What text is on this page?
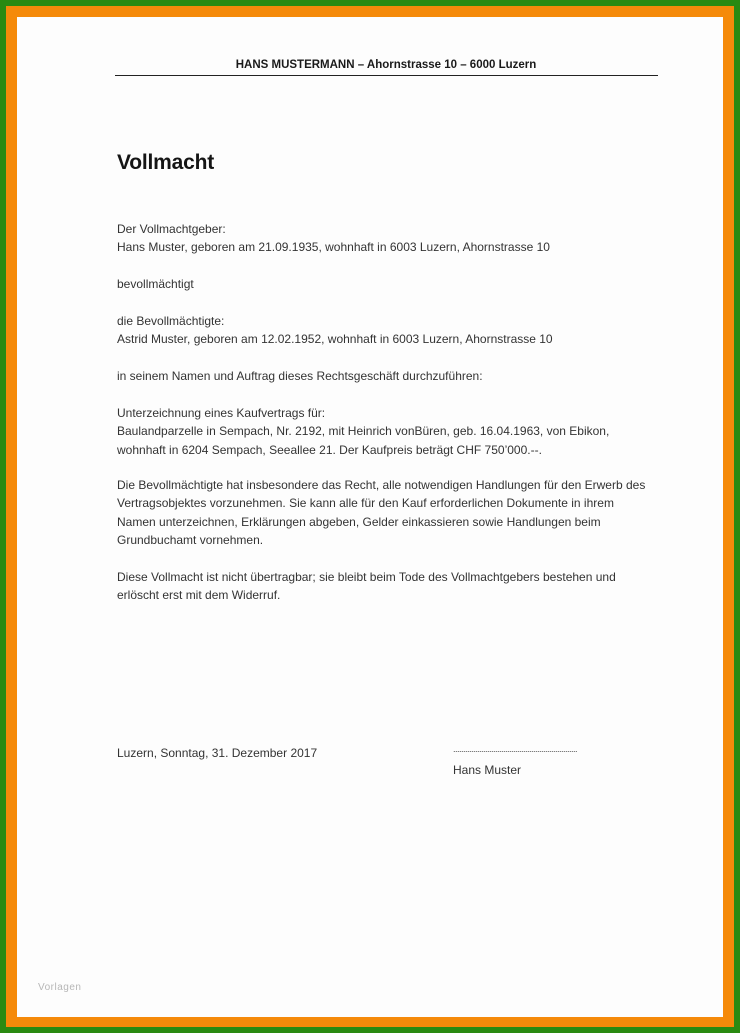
HANS MUSTERMANN – Ahornstrasse 10 – 6000 Luzern
Vollmacht

Der Vollmachtgeber:

Hans Muster, geboren am 21.09.1935, wohnhaft in 6003 Luzern, Ahornstrasse 10

bevollmächtigt

die Bevollmächtigte:

Astrid Muster, geboren am 12.02.1952, wohnhaft in 6003 Luzern, Ahornstrasse 10

in seinem Namen und Auftrag dieses Rechtsgeschäft durchzuführen:

Unterzeichnung eines Kaufvertrags für:

Baulandparzelle in Sempach, Nr. 2192, mit Heinrich vonBüren, geb. 16.04.1963, von Ebikon,

wohnhaft in 6204 Sempach, Seeallee 21. Der Kaufpreis beträgt CHF 750’000.--.

Die Bevollmächtigte hat insbesondere das Recht, alle notwendigen Handlungen für den Erwerb des

Vertragsobjektes vorzunehmen. Sie kann alle für den Kauf erforderlichen Dokumente in ihrem

Namen unterzeichnen, Erklärungen abgeben, Gelder einkassieren sowie Handlungen beim

Grundbuchamt vornehmen.

Diese Vollmacht ist nicht übertragbar; sie bleibt beim Tode des Vollmachtgebers bestehen und

erlöscht erst mit dem Widerruf.

Luzern, Sonntag, 31. Dezember 2017	..............................................................
Hans Muster
Vorlagen
